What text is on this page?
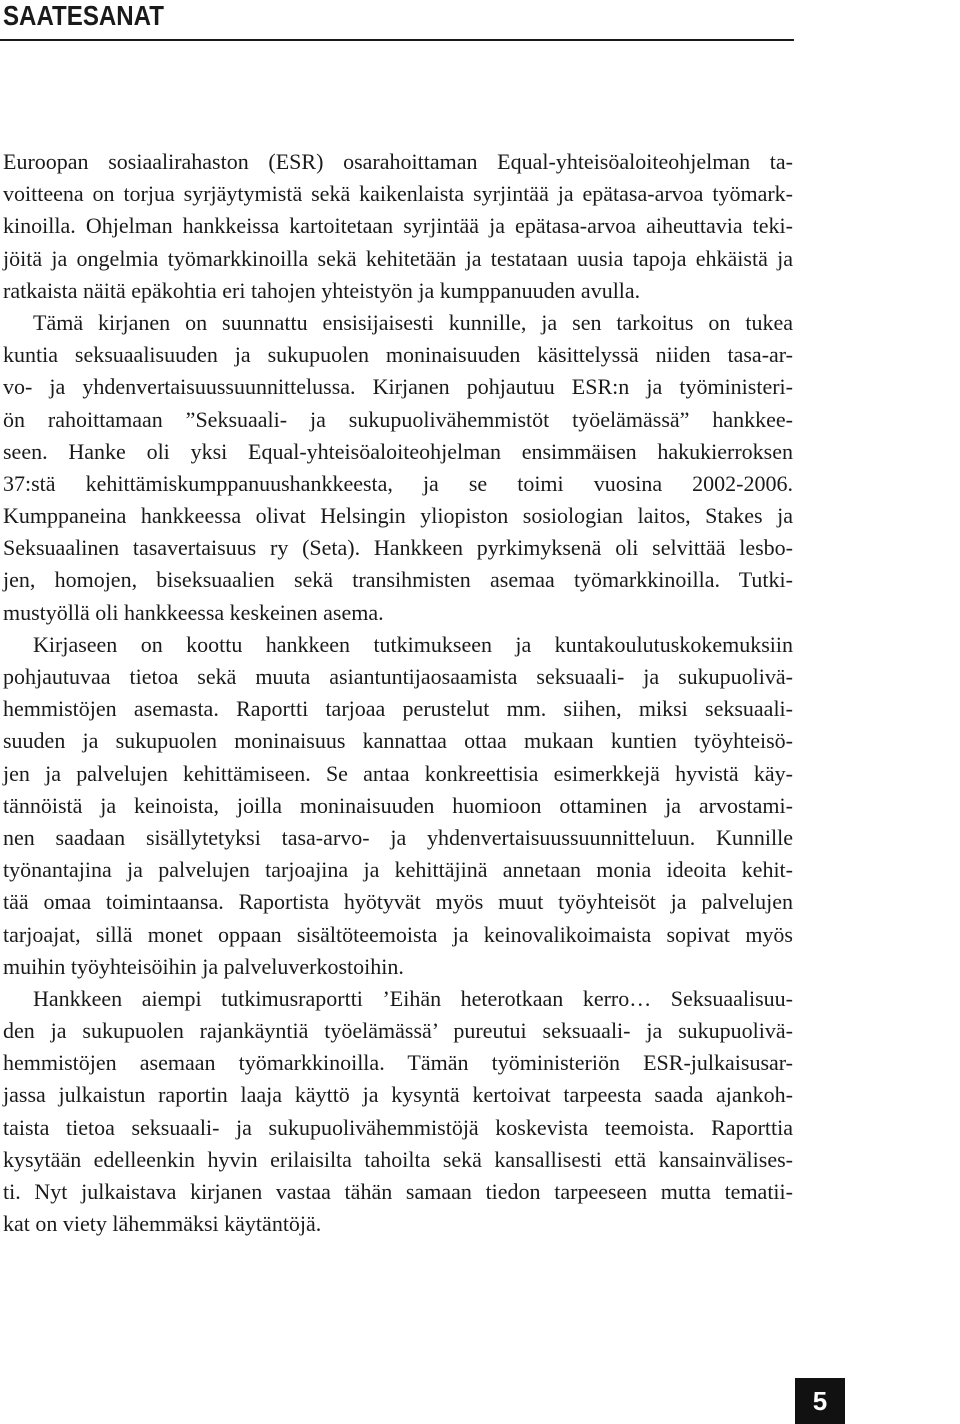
SAATESANAT
Euroopan sosiaalirahaston (ESR) osarahoittaman Equal-yhteisöaloiteohjelman ta-
voitteena on torjua syrjäytymistä sekä kaikenlaista syrjintää ja epätasa-arvoa työmark-
kinoilla. Ohjelman hankkeissa kartoitetaan syrjintää ja epätasa-arvoa aiheuttavia teki-
jöitä ja ongelmia työmarkkinoilla sekä kehitetään ja testataan uusia tapoja ehkäistä ja
ratkaista näitä epäkohtia eri tahojen yhteistyön ja kumppanuuden avulla.
Tämä kirjanen on suunnattu ensisijaisesti kunnille, ja sen tarkoitus on tukea
kuntia seksuaalisuuden ja sukupuolen moninaisuuden käsittelyssä niiden tasa-ar-
vo- ja yhdenvertaisuussuunnittelussa. Kirjanen pohjautuu ESR:n ja työministeri-
ön rahoittamaan ”Seksuaali- ja sukupuolivähemmistöt työelämässä” hankkee-
seen. Hanke oli yksi Equal-yhteisöaloiteohjelman ensimmäisen hakukierroksen
37:stä kehittämiskumppanuushankkeesta, ja se toimi vuosina 2002-2006.
Kumppaneina hankkeessa olivat Helsingin yliopiston sosiologian laitos, Stakes ja
Seksuaalinen tasavertaisuus ry (Seta). Hankkeen pyrkimyksenä oli selvittää lesbo-
jen, homojen, biseksuaalien sekä transihmisten asemaa työmarkkinoilla. Tutki-
mustyöllä oli hankkeessa keskeinen asema.
Kirjaseen on koottu hankkeen tutkimukseen ja kuntakoulutuskokemuksiin
pohjautuvaa tietoa sekä muuta asiantuntijaosaamista seksuaali- ja sukupuolivä-
hemmistöjen asemasta. Raportti tarjoaa perustelut mm. siihen, miksi seksuaali-
suuden ja sukupuolen moninaisuus kannattaa ottaa mukaan kuntien työyhteisö-
jen ja palvelujen kehittämiseen. Se antaa konkreettisia esimerkkejä hyvistä käy-
tännöistä ja keinoista, joilla moninaisuuden huomioon ottaminen ja arvostami-
nen saadaan sisällytetyksi tasa-arvo- ja yhdenvertaisuussuunnitteluun. Kunnille
työnantajina ja palvelujen tarjoajina ja kehittäjinä annetaan monia ideoita kehit-
tää omaa toimintaansa. Raportista hyötyvät myös muut työyhteisöt ja palvelujen
tarjoajat, sillä monet oppaan sisältöteemoista ja keinovalikoimaista sopivat myös
muihin työyhteisöihin ja palveluverkostoihin.
Hankkeen aiempi tutkimusraportti ’Eihän heterotkaan kerro… Seksuaalisuu-
den ja sukupuolen rajankäyntiä työelämässä’ pureutui seksuaali- ja sukupuolivä-
hemmistöjen asemaan työmarkkinoilla. Tämän työministeriön ESR-julkaisusar-
jassa julkaistun raportin laaja käyttö ja kysyntä kertoivat tarpeesta saada ajankoh-
taista tietoa seksuaali- ja sukupuolivähemmistöjä koskevista teemoista. Raporttia
kysytään edelleenkin hyvin erilaisilta tahoilta sekä kansallisesti että kansainvälises-
ti. Nyt julkaistava kirjanen vastaa tähän samaan tiedon tarpeeseen mutta tematii-
kat on viety lähemmäksi käytäntöjä.
5
